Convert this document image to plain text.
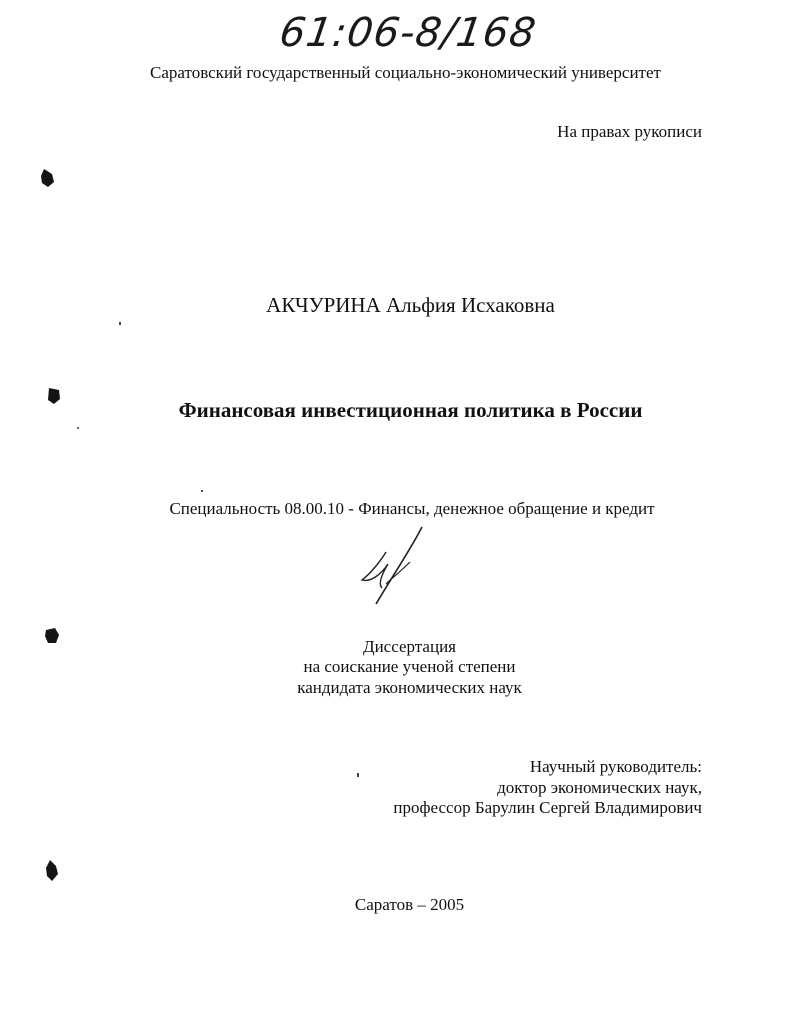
61:06-8/168
Саратовский государственный социально-экономический университет
На правах рукописи
АКЧУРИНА Альфия Исхаковна
Финансовая инвестиционная политика в России
Специальность 08.00.10 - Финансы, денежное обращение и кредит
Диссертация
на соискание ученой степени
кандидата экономических наук
Научный руководитель:
доктор экономических наук,
профессор Барулин Сергей Владимирович
Саратов – 2005
